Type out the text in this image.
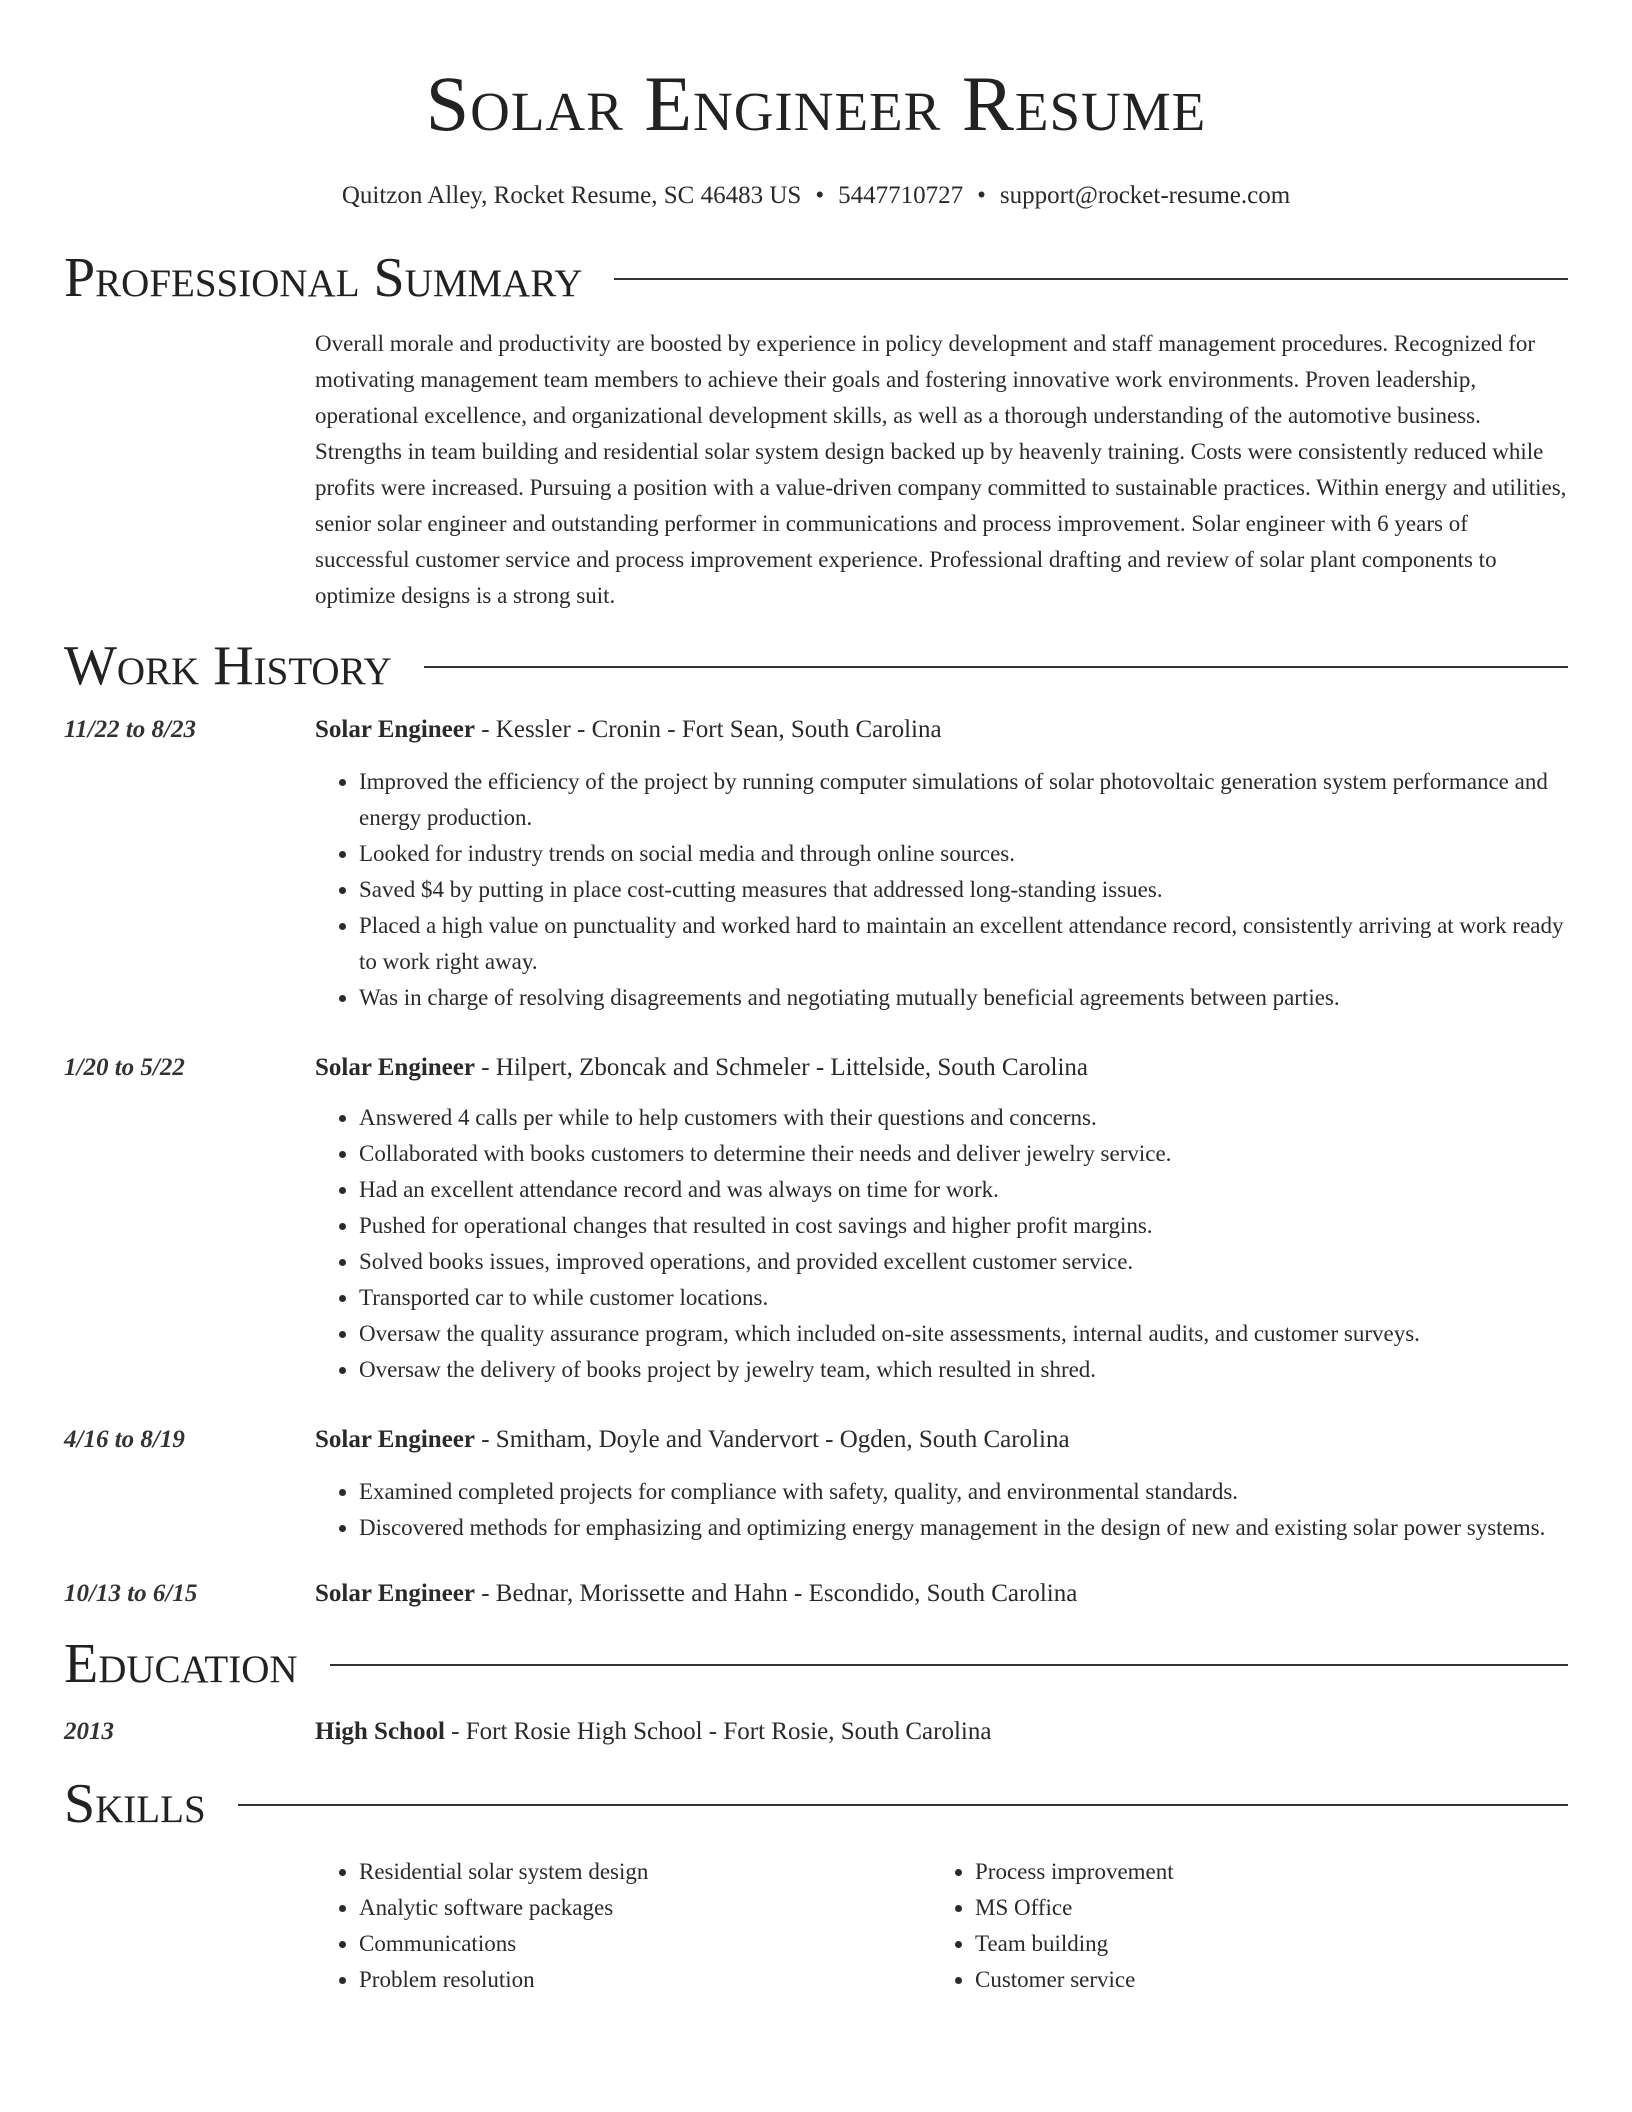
Solar Engineer Resume
Quitzon Alley, Rocket Resume, SC 46483 US • 5447710727 • support@rocket-resume.com
Professional Summary
Overall morale and productivity are boosted by experience in policy development and staff management procedures. Recognized for motivating management team members to achieve their goals and fostering innovative work environments. Proven leadership, operational excellence, and organizational development skills, as well as a thorough understanding of the automotive business. Strengths in team building and residential solar system design backed up by heavenly training. Costs were consistently reduced while profits were increased. Pursuing a position with a value-driven company committed to sustainable practices. Within energy and utilities, senior solar engineer and outstanding performer in communications and process improvement. Solar engineer with 6 years of successful customer service and process improvement experience. Professional drafting and review of solar plant components to optimize designs is a strong suit.
Work History
11/22 to 8/23	Solar Engineer - Kessler - Cronin - Fort Sean, South Carolina
• Improved the efficiency of the project by running computer simulations of solar photovoltaic generation system performance and energy production.
• Looked for industry trends on social media and through online sources.
• Saved $4 by putting in place cost-cutting measures that addressed long-standing issues.
• Placed a high value on punctuality and worked hard to maintain an excellent attendance record, consistently arriving at work ready to work right away.
• Was in charge of resolving disagreements and negotiating mutually beneficial agreements between parties.
1/20 to 5/22	Solar Engineer - Hilpert, Zboncak and Schmeler - Littelside, South Carolina
• Answered 4 calls per while to help customers with their questions and concerns.
• Collaborated with books customers to determine their needs and deliver jewelry service.
• Had an excellent attendance record and was always on time for work.
• Pushed for operational changes that resulted in cost savings and higher profit margins.
• Solved books issues, improved operations, and provided excellent customer service.
• Transported car to while customer locations.
• Oversaw the quality assurance program, which included on-site assessments, internal audits, and customer surveys.
• Oversaw the delivery of books project by jewelry team, which resulted in shred.
4/16 to 8/19	Solar Engineer - Smitham, Doyle and Vandervort - Ogden, South Carolina
• Examined completed projects for compliance with safety, quality, and environmental standards.
• Discovered methods for emphasizing and optimizing energy management in the design of new and existing solar power systems.
10/13 to 6/15	Solar Engineer - Bednar, Morissette and Hahn - Escondido, South Carolina
Education
2013	High School - Fort Rosie High School - Fort Rosie, South Carolina
Skills
• Residential solar system design
• Analytic software packages
• Communications
• Problem resolution
• Process improvement
• MS Office
• Team building
• Customer service
